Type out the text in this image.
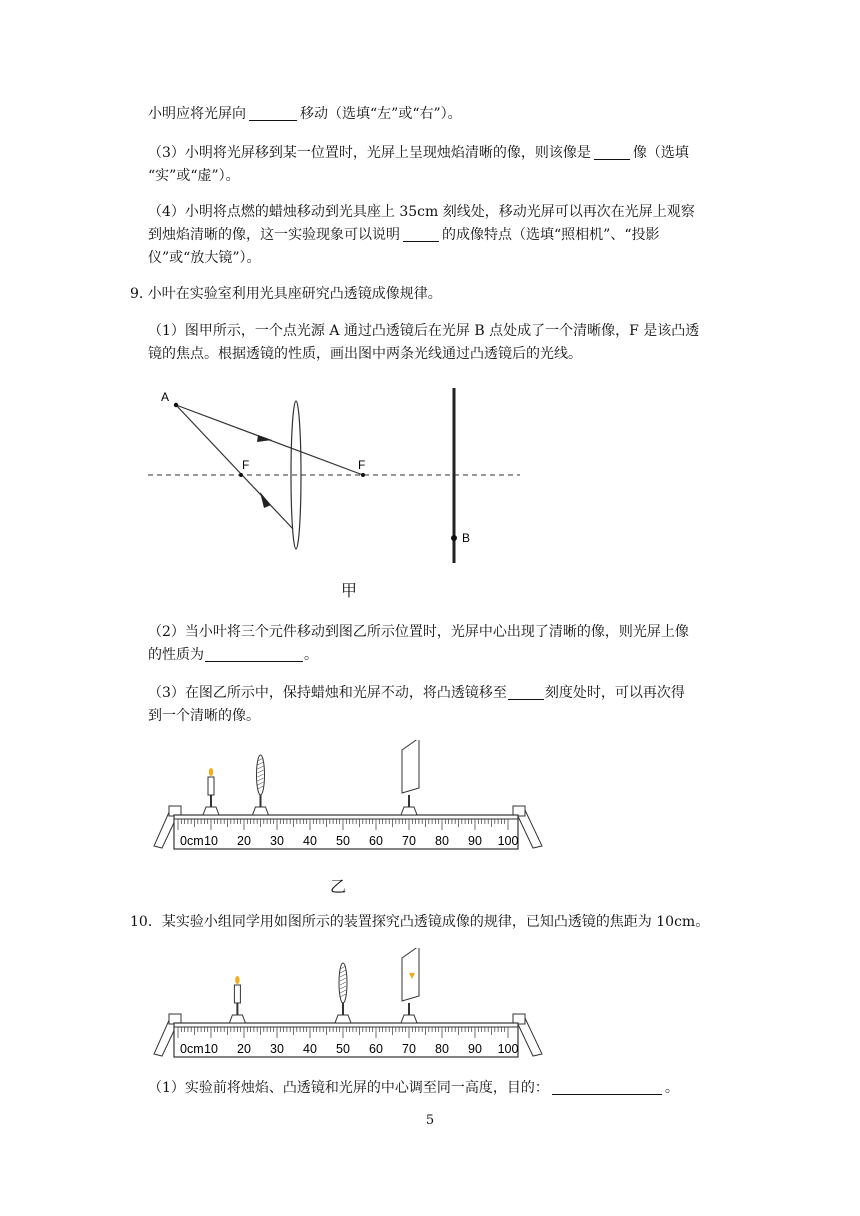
小明应将光屏向	移动（选填“左”或“右”）。
（3）小明将光屏移到某一位置时，光屏上呈现烛焰清晰的像，则该像是	像（选填
“实”或“虚”）。
（4）小明将点燃的蜡烛移动到光具座上 35cm 刻线处，移动光屏可以再次在光屏上观察
到烛焰清晰的像，这一实验现象可以说明	的成像特点（选填“照相机”、“投影
仪”或“放大镜”）。
9. 小叶在实验室利用光具座研究凸透镜成像规律。
（1）图甲所示，一个点光源 A 通过凸透镜后在光屏 B 点处成了一个清晰像，F 是该凸透
镜的焦点。根据透镜的性质，画出图中两条光线通过凸透镜后的光线。
A
F	F
B
甲
（2）当小叶将三个元件移动到图乙所示位置时，光屏中心出现了清晰的像，则光屏上像
的性质为	。
（3）在图乙所示中，保持蜡烛和光屏不动，将凸透镜移至	刻度处时，可以再次得
到一个清晰的像。
0cm 10 20 30 40 50 60 70 80 90 100
乙
10．某实验小组同学用如图所示的装置探究凸透镜成像的规律，已知凸透镜的焦距为 10cm。
0cm 10 20 30 40 50 60 70 80 90 100
（1）实验前将烛焰、凸透镜和光屏的中心调至同一高度，目的：	。
5
